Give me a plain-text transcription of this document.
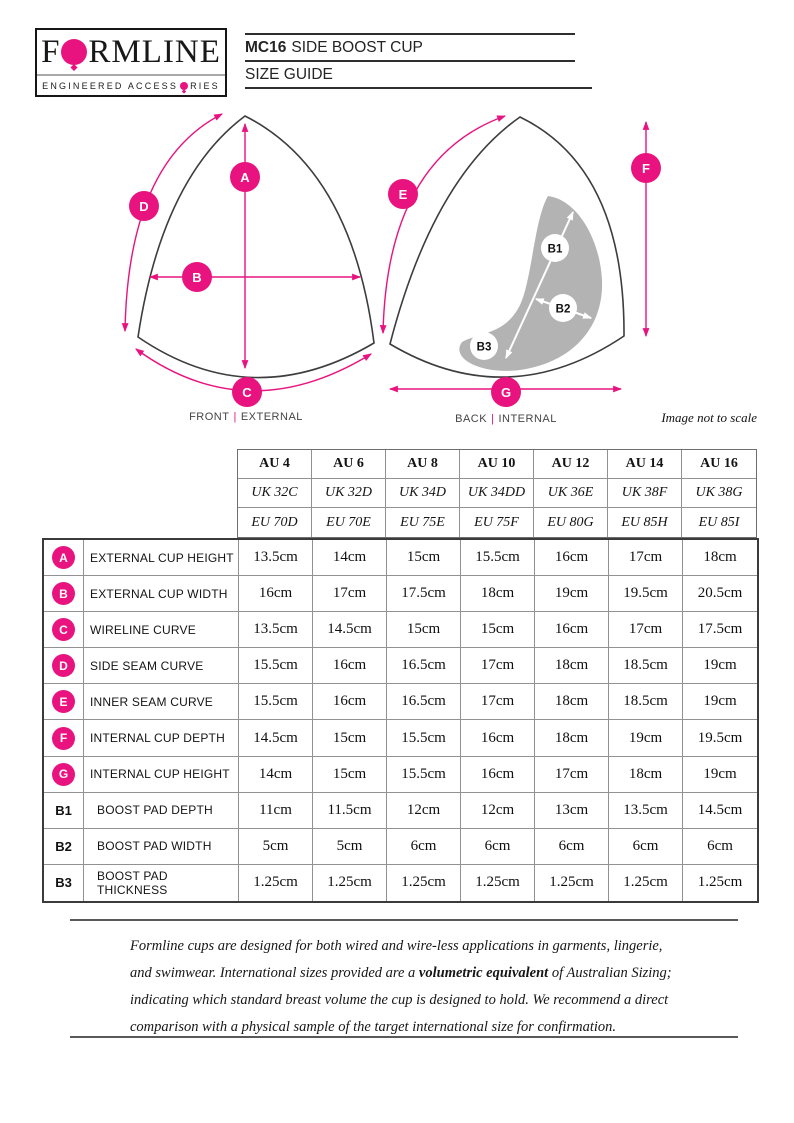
F RMLINE
ENGINEERED ACCESS RIES
MC16 SIDE BOOST CUP
SIZE GUIDE
A
B
C
D
FRONT | EXTERNAL
B1
B2
B3
E
F
G
BACK | INTERNAL	Image not to scale
AU 4	AU 6	AU 8	AU 10	AU 12	AU 14	AU 16
UK 32C	UK 32D	UK 34D	UK 34DD	UK 36E	UK 38F	UK 38G
EU 70D	EU 70E	EU 75E	EU 75F	EU 80G	EU 85H	EU 85I
A	EXTERNAL CUP HEIGHT	13.5cm	14cm	15cm	15.5cm	16cm	17cm	18cm
B	EXTERNAL CUP WIDTH	16cm	17cm	17.5cm	18cm	19cm	19.5cm	20.5cm
C	WIRELINE CURVE	13.5cm	14.5cm	15cm	15cm	16cm	17cm	17.5cm
D	SIDE SEAM CURVE	15.5cm	16cm	16.5cm	17cm	18cm	18.5cm	19cm
E	INNER SEAM CURVE	15.5cm	16cm	16.5cm	17cm	18cm	18.5cm	19cm
F	INTERNAL CUP DEPTH	14.5cm	15cm	15.5cm	16cm	18cm	19cm	19.5cm
G	INTERNAL CUP HEIGHT	14cm	15cm	15.5cm	16cm	17cm	18cm	19cm
B1	BOOST PAD DEPTH	11cm	11.5cm	12cm	12cm	13cm	13.5cm	14.5cm
B2	BOOST PAD WIDTH	5cm	5cm	6cm	6cm	6cm	6cm	6cm
B3	BOOST PAD THICKNESS	1.25cm	1.25cm	1.25cm	1.25cm	1.25cm	1.25cm	1.25cm

Formline cups are designed for both wired and wire-less applications in garments, lingerie, and swimwear. International sizes provided are a volumetric equivalent of Australian Sizing; indicating which standard breast volume the cup is designed to hold. We recommend a direct comparison with a physical sample of the target international size for confirmation.
